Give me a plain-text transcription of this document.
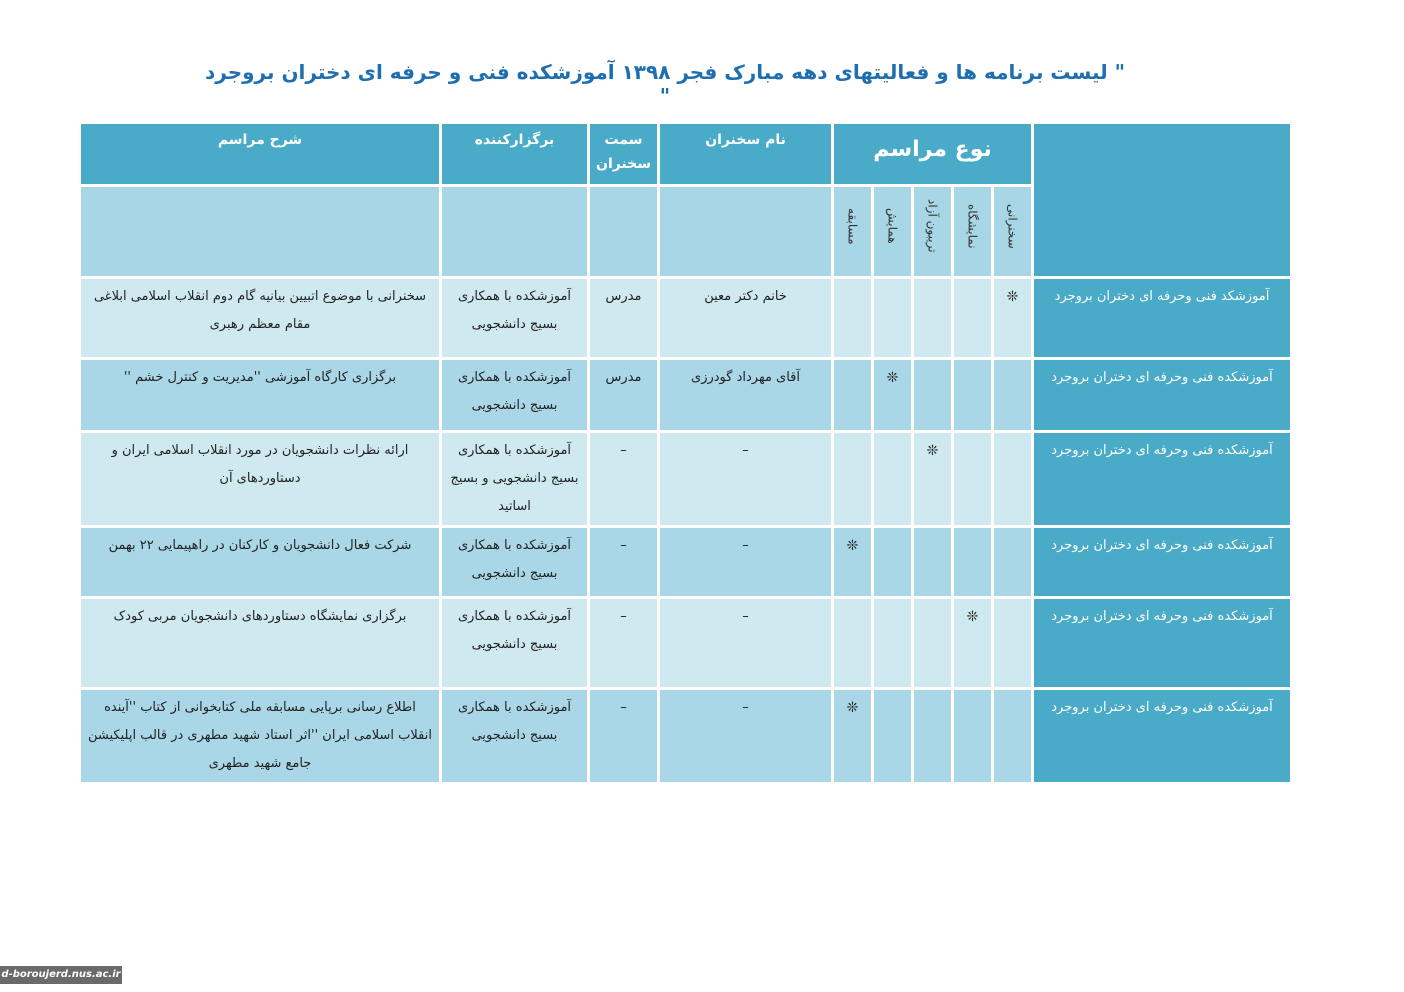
" لیست برنامه ها و فعالیتهای دهه مبارک فجر ۱۳۹۸ آموزشکده فنی و حرفه ای دختران بروجرد "
	نوع مراسم					نام سخنران	سمت سخنران	برگزارکننده	شرح مراسم
	سخنرانی	نمایشگاه	تریبون آزاد	همایش	مسابقه				
آموزشکد فنی وحرفه ای دختران بروجرد	❊					خانم دکتر معین	مدرس	آموزشکده با همکاری بسیج دانشجویی	سخنرانی با موضوع اتبیین بیانیه گام دوم انقلاب اسلامی ابلاغی مقام معظم رهبری
آموزشکده فنی وحرفه ای دختران بروجرد				❊		آقای مهرداد گودرزی	مدرس	آموزشکده با همکاری بسیج دانشجویی	برگزاری کارگاه آموزشی ''مدیریت و کنترل خشم ''
آموزشکده فنی وحرفه ای دختران بروجرد			❊			–	–	آموزشکده با همکاری بسیج دانشجویی و بسیج اساتید	ارائه نظرات دانشجویان در مورد انقلاب اسلامی ایران و دستاوردهای آن
آموزشکده فنی وحرفه ای دختران بروجرد					❊	–	–	آموزشکده با همکاری بسیج دانشجویی	شرکت فعال دانشجویان و کارکنان در راهپیمایی ۲۲ بهمن
آموزشکده فنی وحرفه ای دختران بروجرد		❊				–	–	آموزشکده با همکاری بسیج دانشجویی	برگزاری نمایشگاه دستاوردهای دانشجویان مربی کودک
آموزشکده فنی وحرفه ای دختران بروجرد					❊	–	–	آموزشکده با همکاری بسیج دانشجویی	اطلاع رسانی برپایی مسابقه ملی کتابخوانی از کتاب ''آینده انقلاب اسلامی ایران ''اثر استاد شهید مطهری در قالب اپلیکیشن جامع شهید مطهری
d-boroujerd.nus.ac.ir
